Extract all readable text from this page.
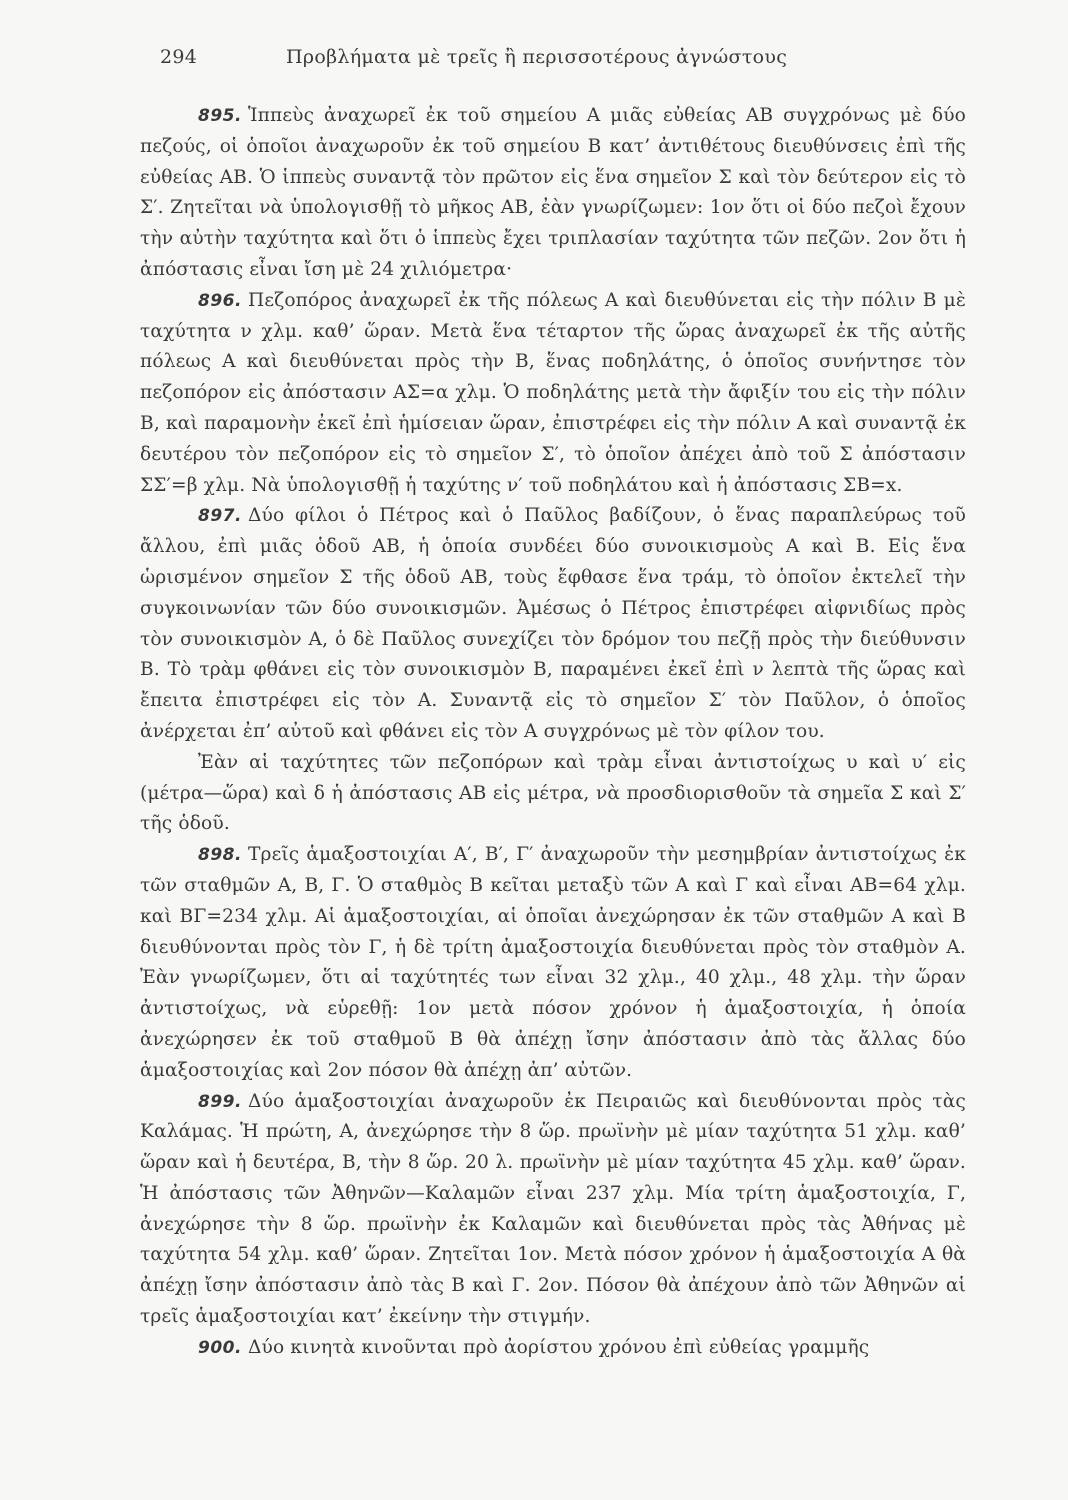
294	Προβλήματα μὲ τρεῖς ἢ περισσοτέρους ἀγνώστους

895. Ἱππεὺς ἀναχωρεῖ ἐκ τοῦ σημείου Α μιᾶς εὐθείας ΑΒ συγχρόνως μὲ δύο πεζούς, οἱ ὁποῖοι ἀναχωροῦν ἐκ τοῦ σημείου Β κατ’ ἀντιθέτους διευθύνσεις ἐπὶ τῆς εὐθείας ΑΒ. Ὁ ἱππεὺς συναντᾷ τὸν πρῶτον εἰς ἕνα σημεῖον Σ καὶ τὸν δεύτερον εἰς τὸ Σ′. Ζητεῖται νὰ ὑπολογισθῇ τὸ μῆκος ΑΒ, ἐὰν γνωρίζωμεν: 1ον ὅτι οἱ δύο πεζοὶ ἔχουν τὴν αὐτὴν ταχύτητα καὶ ὅτι ὁ ἱππεὺς ἔχει τριπλασίαν ταχύτητα τῶν πεζῶν. 2ον ὅτι ἡ ἀπόστασις εἶναι ἴση μὲ 24 χιλιόμετρα·

896. Πεζοπόρος ἀναχωρεῖ ἐκ τῆς πόλεως Α καὶ διευθύνεται εἰς τὴν πόλιν Β μὲ ταχύτητα ν χλμ. καθ’ ὥραν. Μετὰ ἕνα τέταρτον τῆς ὥρας ἀναχωρεῖ ἐκ τῆς αὐτῆς πόλεως Α καὶ διευθύνεται πρὸς τὴν Β, ἕνας ποδηλάτης, ὁ ὁποῖος συνήντησε τὸν πεζοπόρον εἰς ἀπόστασιν ΑΣ=α χλμ. Ὁ ποδηλάτης μετὰ τὴν ἄφιξίν του εἰς τὴν πόλιν Β, καὶ παραμονὴν ἐκεῖ ἐπὶ ἡμίσειαν ὥραν, ἐπιστρέφει εἰς τὴν πόλιν Α καὶ συναντᾷ ἐκ δευτέρου τὸν πεζοπόρον εἰς τὸ σημεῖον Σ′, τὸ ὁποῖον ἀπέχει ἀπὸ τοῦ Σ ἀπόστασιν ΣΣ′=β χλμ. Νὰ ὑπολογισθῇ ἡ ταχύτης ν′ τοῦ ποδηλάτου καὶ ἡ ἀπόστασις ΣΒ=x.

897. Δύο φίλοι ὁ Πέτρος καὶ ὁ Παῦλος βαδίζουν, ὁ ἕνας παραπλεύρως τοῦ ἄλλου, ἐπὶ μιᾶς ὁδοῦ ΑΒ, ἡ ὁποία συνδέει δύο συνοικισμοὺς Α καὶ Β. Εἰς ἕνα ὡρισμένον σημεῖον Σ τῆς ὁδοῦ ΑΒ, τοὺς ἔφθασε ἕνα τράμ, τὸ ὁποῖον ἐκτελεῖ τὴν συγκοινωνίαν τῶν δύο συνοικισμῶν. Ἀμέσως ὁ Πέτρος ἐπιστρέφει αἰφνιδίως πρὸς τὸν συνοικισμὸν Α, ὁ δὲ Παῦλος συνεχίζει τὸν δρόμον του πεζῇ πρὸς τὴν διεύθυνσιν Β. Τὸ τρὰμ φθάνει εἰς τὸν συνοικισμὸν Β, παραμένει ἐκεῖ ἐπὶ ν λεπτὰ τῆς ὥρας καὶ ἔπειτα ἐπιστρέφει εἰς τὸν Α. Συναντᾷ εἰς τὸ σημεῖον Σ′ τὸν Παῦλον, ὁ ὁποῖος ἀνέρχεται ἐπ’ αὐτοῦ καὶ φθάνει εἰς τὸν Α συγχρόνως μὲ τὸν φίλον του.

Ἐὰν αἱ ταχύτητες τῶν πεζοπόρων καὶ τρὰμ εἶναι ἀντιστοίχως υ καὶ υ′ εἰς (μέτρα—ὥρα) καὶ δ ἡ ἀπόστασις ΑΒ εἰς μέτρα, νὰ προσδιορισθοῦν τὰ σημεῖα Σ καὶ Σ′ τῆς ὁδοῦ.

898. Τρεῖς ἁμαξοστοιχίαι Α′, Β′, Γ′ ἀναχωροῦν τὴν μεσημβρίαν ἀντιστοίχως ἐκ τῶν σταθμῶν Α, Β, Γ. Ὁ σταθμὸς Β κεῖται μεταξὺ τῶν Α καὶ Γ καὶ εἶναι ΑΒ=64 χλμ. καὶ ΒΓ=234 χλμ. Αἱ ἁμαξοστοιχίαι, αἱ ὁποῖαι ἀνεχώρησαν ἐκ τῶν σταθμῶν Α καὶ Β διευθύνονται πρὸς τὸν Γ, ἡ δὲ τρίτη ἁμαξοστοιχία διευθύνεται πρὸς τὸν σταθμὸν Α. Ἐὰν γνωρίζωμεν, ὅτι αἱ ταχύτητές των εἶναι 32 χλμ., 40 χλμ., 48 χλμ. τὴν ὥραν ἀντιστοίχως, νὰ εὑρεθῇ: 1ον μετὰ πόσον χρόνον ἡ ἁμαξοστοιχία, ἡ ὁποία ἀνεχώρησεν ἐκ τοῦ σταθμοῦ Β θὰ ἀπέχῃ ἴσην ἀπόστασιν ἀπὸ τὰς ἄλλας δύο ἁμαξοστοιχίας καὶ 2ον πόσον θὰ ἀπέχῃ ἀπ’ αὐτῶν.

899. Δύο ἁμαξοστοιχίαι ἀναχωροῦν ἐκ Πειραιῶς καὶ διευθύνονται πρὸς τὰς Καλάμας. Ἡ πρώτη, Α, ἀνεχώρησε τὴν 8 ὥρ. πρωϊνὴν μὲ μίαν ταχύτητα 51 χλμ. καθ’ ὥραν καὶ ἡ δευτέρα, Β, τὴν 8 ὥρ. 20 λ. πρωϊνὴν μὲ μίαν ταχύτητα 45 χλμ. καθ’ ὥραν. Ἡ ἀπόστασις τῶν Ἀθηνῶν—Καλαμῶν εἶναι 237 χλμ. Μία τρίτη ἁμαξοστοιχία, Γ, ἀνεχώρησε τὴν 8 ὥρ. πρωϊνὴν ἐκ Καλαμῶν καὶ διευθύνεται πρὸς τὰς Ἀθήνας μὲ ταχύτητα 54 χλμ. καθ’ ὥραν. Ζητεῖται 1ον. Μετὰ πόσον χρόνον ἡ ἁμαξοστοιχία Α θὰ ἀπέχῃ ἴσην ἀπόστασιν ἀπὸ τὰς Β καὶ Γ. 2ον. Πόσον θὰ ἀπέχουν ἀπὸ τῶν Ἀθηνῶν αἱ τρεῖς ἁμαξοστοιχίαι κατ’ ἐκείνην τὴν στιγμήν.

900. Δύο κινητὰ κινοῦνται πρὸ ἀορίστου χρόνου ἐπὶ εὐθείας γραμμῆς
